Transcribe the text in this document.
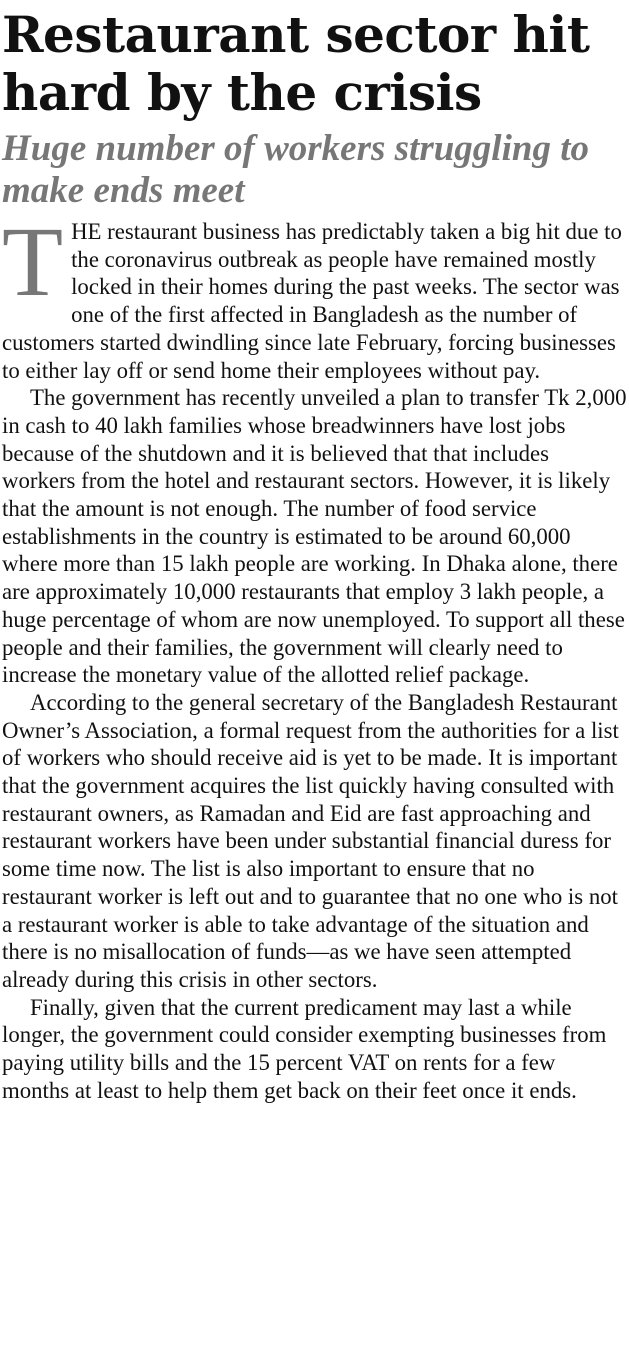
Restaurant sector hit hard by the crisis
Huge number of workers struggling to make ends meet

THE restaurant business has predictably taken a big hit due to the coronavirus outbreak as people have remained mostly locked in their homes during the past weeks. The sector was one of the first affected in Bangladesh as the number of customers started dwindling since late February, forcing businesses to either lay off or send home their employees without pay.

The government has recently unveiled a plan to transfer Tk 2,000 in cash to 40 lakh families whose breadwinners have lost jobs because of the shutdown and it is believed that that includes workers from the hotel and restaurant sectors. However, it is likely that the amount is not enough. The number of food service establishments in the country is estimated to be around 60,000 where more than 15 lakh people are working. In Dhaka alone, there are approximately 10,000 restaurants that employ 3 lakh people, a huge percentage of whom are now unemployed. To support all these people and their families, the government will clearly need to increase the monetary value of the allotted relief package.

According to the general secretary of the Bangladesh Restaurant Owner’s Association, a formal request from the authorities for a list of workers who should receive aid is yet to be made. It is important that the government acquires the list quickly having consulted with restaurant owners, as Ramadan and Eid are fast approaching and restaurant workers have been under substantial financial duress for some time now. The list is also important to ensure that no restaurant worker is left out and to guarantee that no one who is not a restaurant worker is able to take advantage of the situation and there is no misallocation of funds—as we have seen attempted already during this crisis in other sectors.

Finally, given that the current predicament may last a while longer, the government could consider exempting businesses from paying utility bills and the 15 percent VAT on rents for a few months at least to help them get back on their feet once it ends.
